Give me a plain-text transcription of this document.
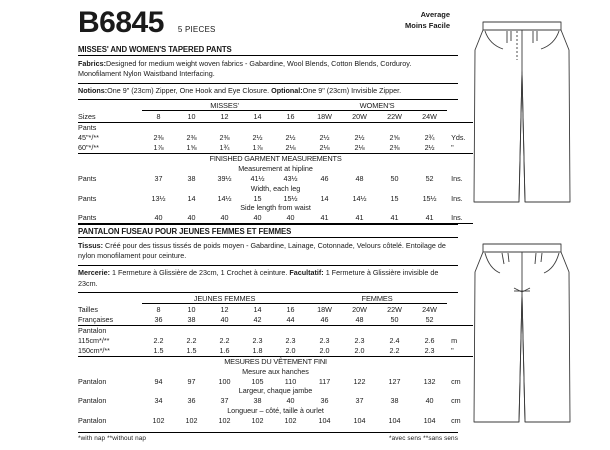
B6845 5 PIECES
MISSES' AND WOMEN'S TAPERED PANTS
Fabrics:Designed for medium weight woven fabrics - Gabardine, Wool Blends, Cotton Blends, Corduroy. Monofilament Nylon Waistband Interfacing.
Notions:One 9" (23cm) Zipper, One Hook and Eye Closure. Optional:One 9" (23cm) Invisible Zipper.

	MISSES'					WOMEN'S				

Sizes	8	10	12	14	16	18W	20W	22W	24W	
Pants										
45"*/**	2⅜	2⅜	2⅜	2½	2½	2½	2½	2⅝	2¾	Yds.
60"*/**	1⅞	1⅝	1¾	1⅞	2⅛	2⅛	2⅛	2⅜	2½	"
FINISHED GARMENT MEASUREMENTS										
Measurement at hipline										
Pants	37	38	39½	41½	43½	46	48	50	52	Ins.
Width, each leg										
Pants	13½	14	14½	15	15½	14	14½	15	15½	Ins.
Side length from waist										
Pants	40	40	40	40	40	41	41	41	41	Ins.
PANTALON FUSEAU POUR JEUNES FEMMES ET FEMMES
Tissus: Créé pour des tissus tissés de poids moyen - Gabardine, Lainage, Cotonnade, Velours côtelé. Entoilage de nylon monofilament pour ceinture.
Mercerie: 1 Fermeture à Glissière de 23cm, 1 Crochet à ceinture. Facultatif: 1 Fermeture à Glissière invisible de 23cm.

	JEUNES FEMMES					FEMMES				

Tailles	8	10	12	14	16	18W	20W	22W	24W	
Françaises	36	38	40	42	44	46	48	50	52	
Pantalon										
115cm*/**	2.2	2.2	2.2	2.3	2.3	2.3	2.3	2.4	2.6	m
150cm*/**	1.5	1.5	1.6	1.8	2.0	2.0	2.0	2.2	2.3	"
MESURES DU VÊTEMENT FINI										
Mesure aux hanches										
Pantalon	94	97	100	105	110	117	122	127	132	cm
Largeur, chaque jambe										
Pantalon	34	36	37	38	40	36	37	38	40	cm
Longueur – côté, taille à ourlet										
Pantalon	102	102	102	102	102	104	104	104	104	cm
Average
Moins Facile
*with nap **without nap	*avec sens **sans sens
